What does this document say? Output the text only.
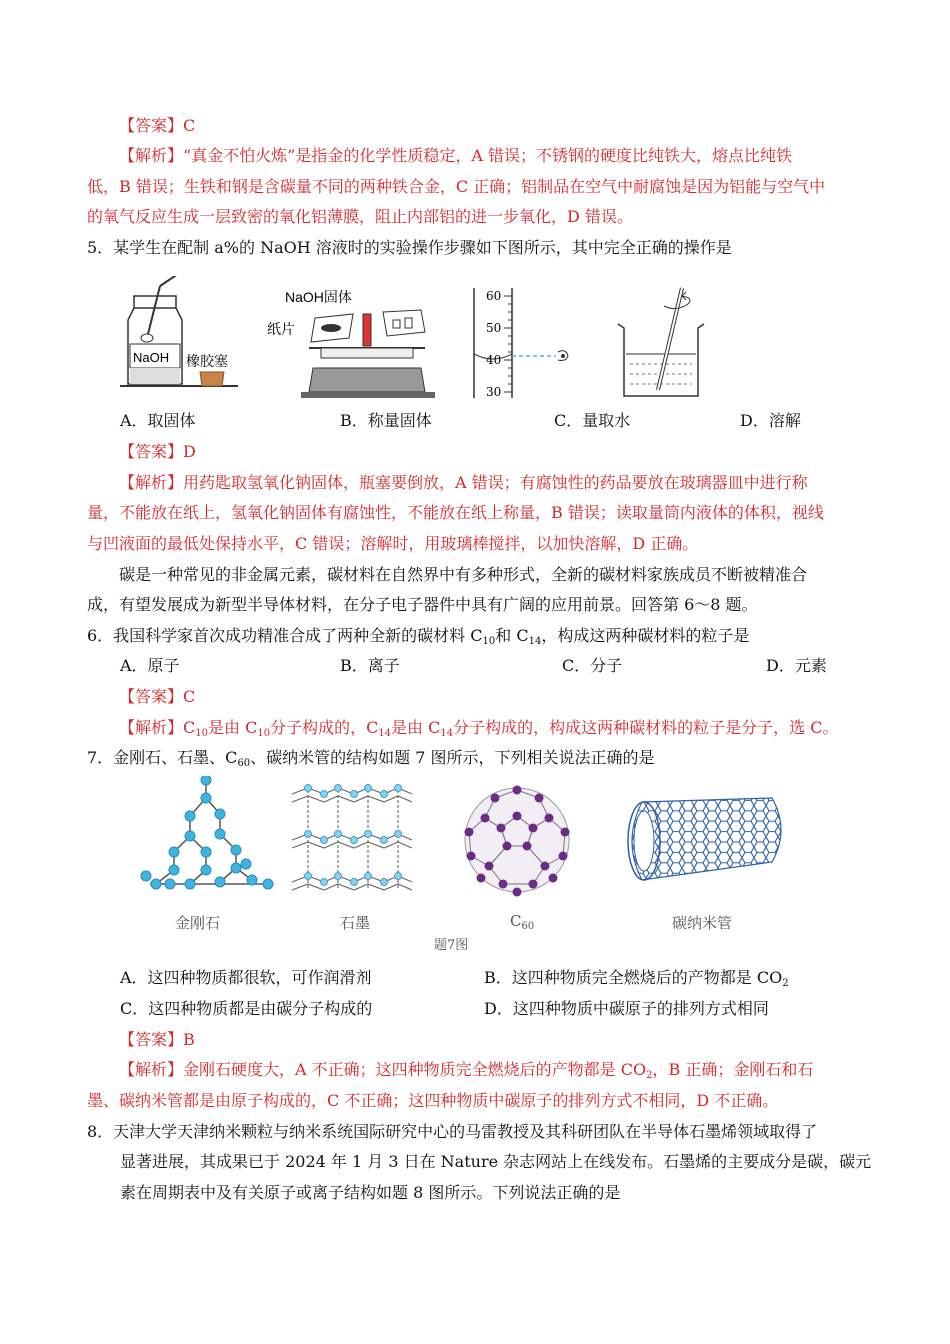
【答案】C
【解析】“真金不怕火炼”是指金的化学性质稳定，A 错误；不锈钢的硬度比纯铁大，熔点比纯铁
低，B 错误；生铁和钢是含碳量不同的两种铁合金，C 正确；铝制品在空气中耐腐蚀是因为铝能与空气中
的氧气反应生成一层致密的氧化铝薄膜，阻止内部铝的进一步氧化，D 错误。
5．某学生在配制 a%的 NaOH 溶液时的实验操作步骤如下图所示，其中完全正确的操作是
NaOH 橡胶塞
NaOH固体
纸片
60
50
40
30
A．取固体	B．称量固体	C．量取水	D．溶解
【答案】D
【解析】用药匙取氢氧化钠固体，瓶塞要倒放，A 错误；有腐蚀性的药品要放在玻璃器皿中进行称
量，不能放在纸上，氢氧化钠固体有腐蚀性，不能放在纸上称量，B 错误；读取量筒内液体的体积，视线
与凹液面的最低处保持水平，C 错误；溶解时，用玻璃棒搅拌，以加快溶解，D 正确。
碳是一种常见的非金属元素，碳材料在自然界中有多种形式，全新的碳材料家族成员不断被精准合
成，有望发展成为新型半导体材料，在分子电子器件中具有广阔的应用前景。回答第 6～8 题。
6．我国科学家首次成功精准合成了两种全新的碳材料 $C_{10}$和 $C_{14}$，构成这两种碳材料的粒子是
A．原子	B．离子	C．分子	D．元素
【答案】C
【解析】$C_{10}$是由 $C_{10}$分子构成的，$C_{14}$是由 $C_{14}$分子构成的，构成这两种碳材料的粒子是分子，选 C。
7．金刚石、石墨、$C_{60}$、碳纳米管的结构如题 7 图所示，下列相关说法正确的是
金刚石	石墨	$C_{60}$	碳纳米管
题7图
A．这四种物质都很软，可作润滑剂	B．这四种物质完全燃烧后的产物都是 $CO_2$
C．这四种物质都是由碳分子构成的	D．这四种物质中碳原子的排列方式相同
【答案】B
【解析】金刚石硬度大，A 不正确；这四种物质完全燃烧后的产物都是 $CO_2$，B 正确；金刚石和石
墨、碳纳米管都是由原子构成的，C 不正确；这四种物质中碳原子的排列方式不相同，D 不正确。
8．天津大学天津纳米颗粒与纳米系统国际研究中心的马雷教授及其科研团队在半导体石墨烯领域取得了
显著进展，其成果已于 2024 年 1 月 3 日在 Nature 杂志网站上在线发布。石墨烯的主要成分是碳，碳元
素在周期表中及有关原子或离子结构如题 8 图所示。下列说法正确的是
